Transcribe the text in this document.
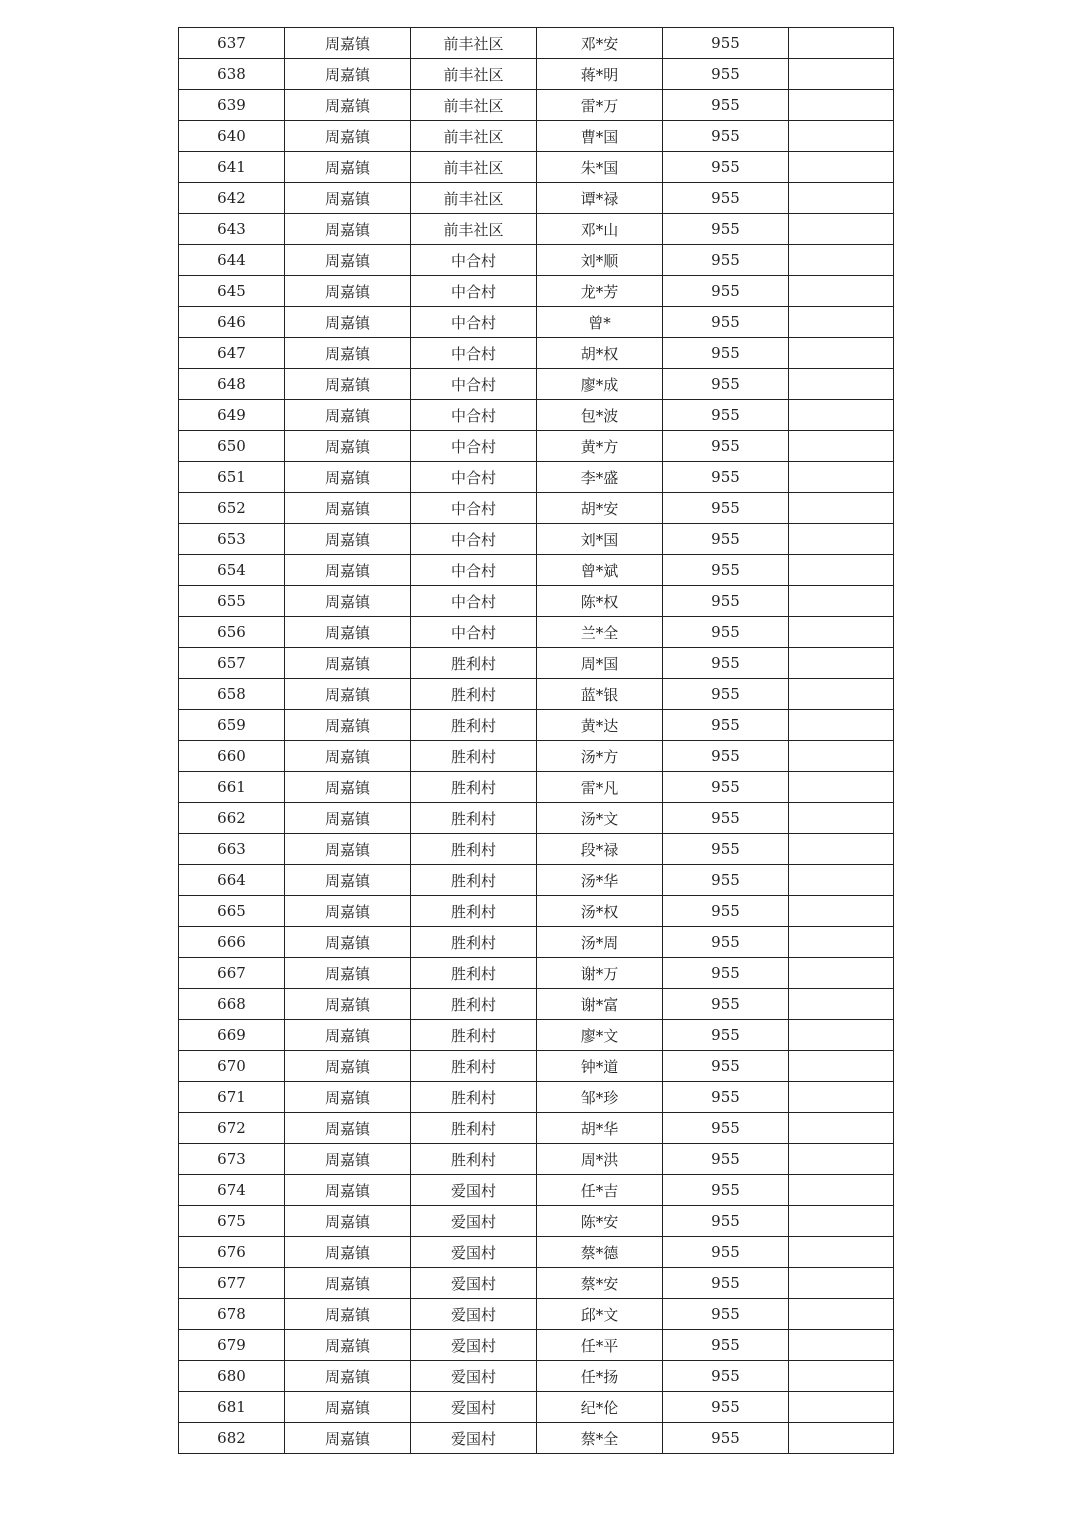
637	周嘉镇	前丰社区	邓*安	955	
638	周嘉镇	前丰社区	蒋*明	955	
639	周嘉镇	前丰社区	雷*万	955	
640	周嘉镇	前丰社区	曹*国	955	
641	周嘉镇	前丰社区	朱*国	955	
642	周嘉镇	前丰社区	谭*禄	955	
643	周嘉镇	前丰社区	邓*山	955	
644	周嘉镇	中合村	刘*顺	955	
645	周嘉镇	中合村	龙*芳	955	
646	周嘉镇	中合村	曾*	955	
647	周嘉镇	中合村	胡*权	955	
648	周嘉镇	中合村	廖*成	955	
649	周嘉镇	中合村	包*波	955	
650	周嘉镇	中合村	黄*方	955	
651	周嘉镇	中合村	李*盛	955	
652	周嘉镇	中合村	胡*安	955	
653	周嘉镇	中合村	刘*国	955	
654	周嘉镇	中合村	曾*斌	955	
655	周嘉镇	中合村	陈*权	955	
656	周嘉镇	中合村	兰*全	955	
657	周嘉镇	胜利村	周*国	955	
658	周嘉镇	胜利村	蓝*银	955	
659	周嘉镇	胜利村	黄*达	955	
660	周嘉镇	胜利村	汤*方	955	
661	周嘉镇	胜利村	雷*凡	955	
662	周嘉镇	胜利村	汤*文	955	
663	周嘉镇	胜利村	段*禄	955	
664	周嘉镇	胜利村	汤*华	955	
665	周嘉镇	胜利村	汤*权	955	
666	周嘉镇	胜利村	汤*周	955	
667	周嘉镇	胜利村	谢*万	955	
668	周嘉镇	胜利村	谢*富	955	
669	周嘉镇	胜利村	廖*文	955	
670	周嘉镇	胜利村	钟*道	955	
671	周嘉镇	胜利村	邹*珍	955	
672	周嘉镇	胜利村	胡*华	955	
673	周嘉镇	胜利村	周*洪	955	
674	周嘉镇	爱国村	任*吉	955	
675	周嘉镇	爱国村	陈*安	955	
676	周嘉镇	爱国村	蔡*德	955	
677	周嘉镇	爱国村	蔡*安	955	
678	周嘉镇	爱国村	邱*文	955	
679	周嘉镇	爱国村	任*平	955	
680	周嘉镇	爱国村	任*扬	955	
681	周嘉镇	爱国村	纪*伦	955	
682	周嘉镇	爱国村	蔡*全	955	
